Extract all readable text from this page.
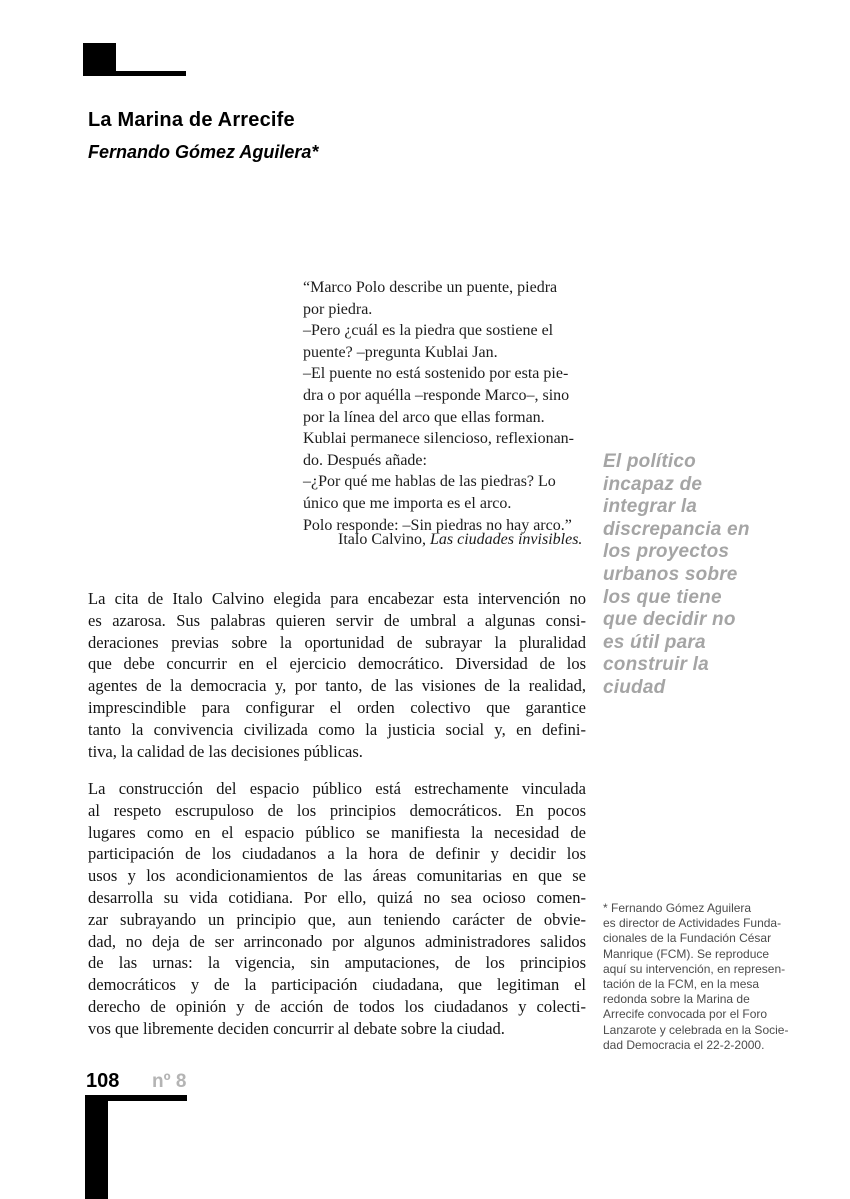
La Marina de Arrecife
Fernando Gómez Aguilera*
“Marco Polo describe un puente, piedra
por piedra.
–Pero ¿cuál es la piedra que sostiene el
puente? –pregunta Kublai Jan.
–El puente no está sostenido por esta pie-
dra o por aquélla –responde Marco–, sino
por la línea del arco que ellas forman.
Kublai permanece silencioso, reflexionan-
do. Después añade:
–¿Por qué me hablas de las piedras? Lo
único que me importa es el arco.
Polo responde: –Sin piedras no hay arco.”
Italo Calvino, Las ciudades invisibles.
El político
incapaz de
integrar la
discrepancia en
los proyectos
urbanos sobre
los que tiene
que decidir no
es útil para
construir la
ciudad
La cita de Italo Calvino elegida para encabezar esta intervención no
es azarosa. Sus palabras quieren servir de umbral a algunas consi-
deraciones previas sobre la oportunidad de subrayar la pluralidad
que debe concurrir en el ejercicio democrático. Diversidad de los
agentes de la democracia y, por tanto, de las visiones de la realidad,
imprescindible para configurar el orden colectivo que garantice
tanto la convivencia civilizada como la justicia social y, en defini-
tiva, la calidad de las decisiones públicas.
La construcción del espacio público está estrechamente vinculada
al respeto escrupuloso de los principios democráticos. En pocos
lugares como en el espacio público se manifiesta la necesidad de
participación de los ciudadanos a la hora de definir y decidir los
usos y los acondicionamientos de las áreas comunitarias en que se
desarrolla su vida cotidiana. Por ello, quizá no sea ocioso comen-
zar subrayando un principio que, aun teniendo carácter de obvie-
dad, no deja de ser arrinconado por algunos administradores salidos
de las urnas: la vigencia, sin amputaciones, de los principios
democráticos y de la participación ciudadana, que legitiman el
derecho de opinión y de acción de todos los ciudadanos y colecti-
vos que libremente deciden concurrir al debate sobre la ciudad.
* Fernando Gómez Aguilera
es director de Actividades Funda-
cionales de la Fundación César
Manrique (FCM). Se reproduce
aquí su intervención, en represen-
tación de la FCM, en la mesa
redonda sobre la Marina de
Arrecife convocada por el Foro
Lanzarote y celebrada en la Socie-
dad Democracia el 22-2-2000.
108 nº 8
